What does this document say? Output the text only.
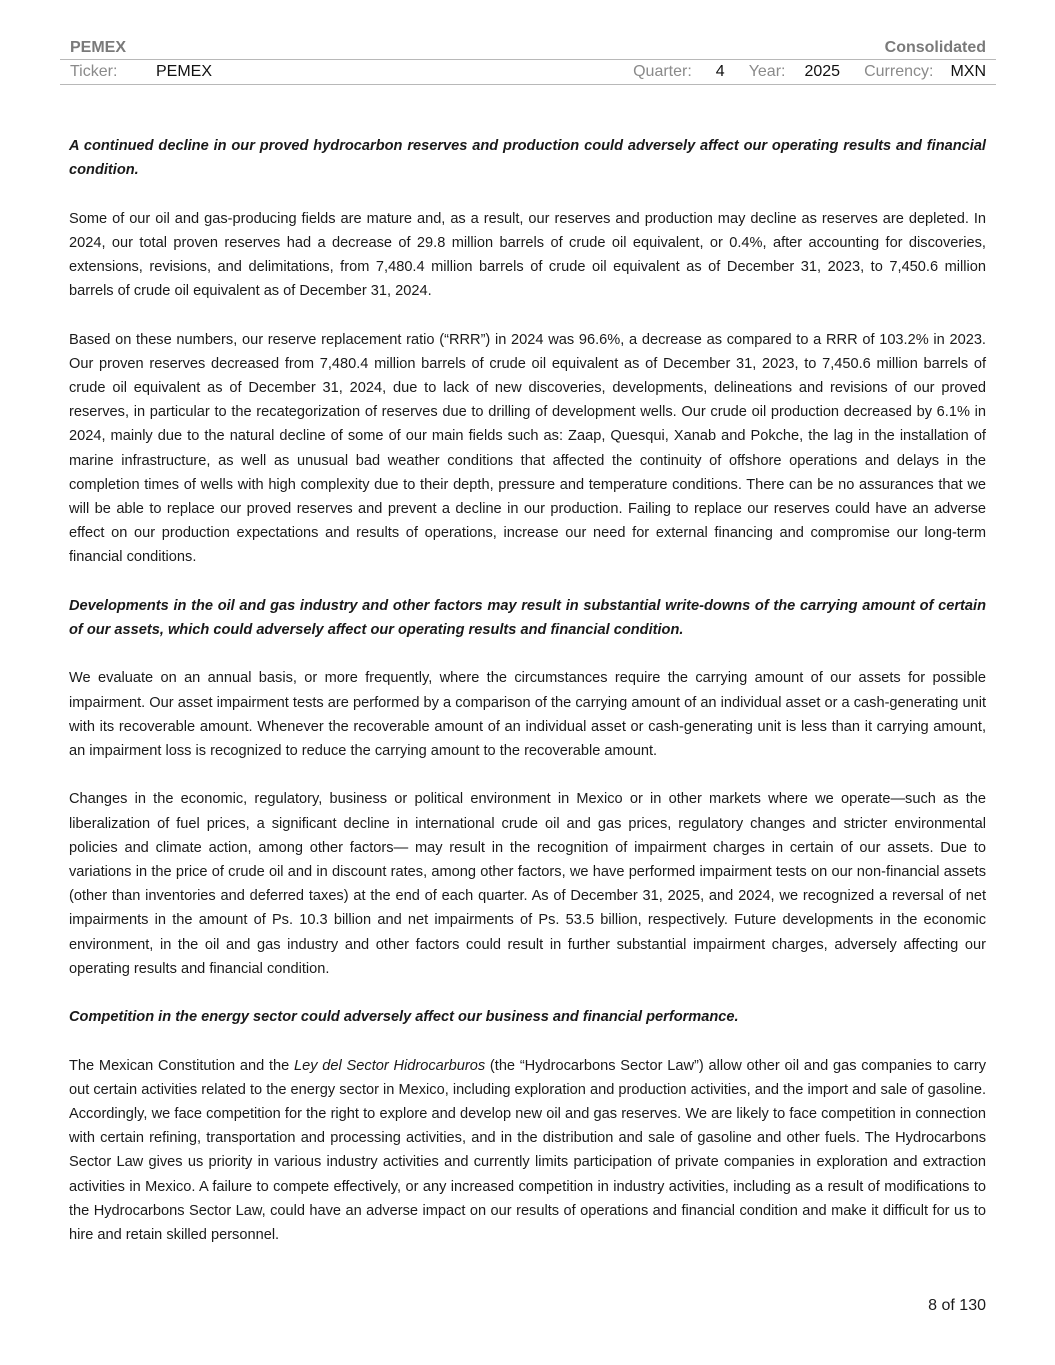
PEMEX	Consolidated
Ticker:	PEMEX	Quarter: 4 Year: 2025 Currency: MXN

A continued decline in our proved hydrocarbon reserves and production could adversely affect our operating results and financial condition.

Some of our oil and gas-producing fields are mature and, as a result, our reserves and production may decline as reserves are depleted. In 2024, our total proven reserves had a decrease of 29.8 million barrels of crude oil equivalent, or 0.4%, after accounting for discoveries, extensions, revisions, and delimitations, from 7,480.4 million barrels of crude oil equivalent as of December 31, 2023, to 7,450.6 million barrels of crude oil equivalent as of December 31, 2024.

Based on these numbers, our reserve replacement ratio (“RRR”) in 2024 was 96.6%, a decrease as compared to a RRR of 103.2% in 2023. Our proven reserves decreased from 7,480.4 million barrels of crude oil equivalent as of December 31, 2023, to 7,450.6 million barrels of crude oil equivalent as of December 31, 2024, due to lack of new discoveries, developments, delineations and revisions of our proved reserves, in particular to the recategorization of reserves due to drilling of development wells. Our crude oil production decreased by 6.1% in 2024, mainly due to the natural decline of some of our main fields such as: Zaap, Quesqui, Xanab and Pokche, the lag in the installation of marine infrastructure, as well as unusual bad weather conditions that affected the continuity of offshore operations and delays in the completion times of wells with high complexity due to their depth, pressure and temperature conditions. There can be no assurances that we will be able to replace our proved reserves and prevent a decline in our production. Failing to replace our reserves could have an adverse effect on our production expectations and results of operations, increase our need for external financing and compromise our long-term financial conditions.

Developments in the oil and gas industry and other factors may result in substantial write-downs of the carrying amount of certain of our assets, which could adversely affect our operating results and financial condition.

We evaluate on an annual basis, or more frequently, where the circumstances require the carrying amount of our assets for possible impairment. Our asset impairment tests are performed by a comparison of the carrying amount of an individual asset or a cash-generating unit with its recoverable amount. Whenever the recoverable amount of an individual asset or cash-generating unit is less than it carrying amount, an impairment loss is recognized to reduce the carrying amount to the recoverable amount.

Changes in the economic, regulatory, business or political environment in Mexico or in other markets where we operate—such as the liberalization of fuel prices, a significant decline in international crude oil and gas prices, regulatory changes and stricter environmental policies and climate action, among other factors— may result in the recognition of impairment charges in certain of our assets. Due to variations in the price of crude oil and in discount rates, among other factors, we have performed impairment tests on our non-financial assets (other than inventories and deferred taxes) at the end of each quarter. As of December 31, 2025, and 2024, we recognized a reversal of net impairments in the amount of Ps. 10.3 billion and net impairments of Ps. 53.5 billion, respectively. Future developments in the economic environment, in the oil and gas industry and other factors could result in further substantial impairment charges, adversely affecting our operating results and financial condition.

Competition in the energy sector could adversely affect our business and financial performance.

The Mexican Constitution and the Ley del Sector Hidrocarburos (the “Hydrocarbons Sector Law”) allow other oil and gas companies to carry out certain activities related to the energy sector in Mexico, including exploration and production activities, and the import and sale of gasoline. Accordingly, we face competition for the right to explore and develop new oil and gas reserves. We are likely to face competition in connection with certain refining, transportation and processing activities, and in the distribution and sale of gasoline and other fuels. The Hydrocarbons Sector Law gives us priority in various industry activities and currently limits participation of private companies in exploration and extraction activities in Mexico. A failure to compete effectively, or any increased competition in industry activities, including as a result of modifications to the Hydrocarbons Sector Law, could have an adverse impact on our results of operations and financial condition and make it difficult for us to hire and retain skilled personnel.

8 of 130
